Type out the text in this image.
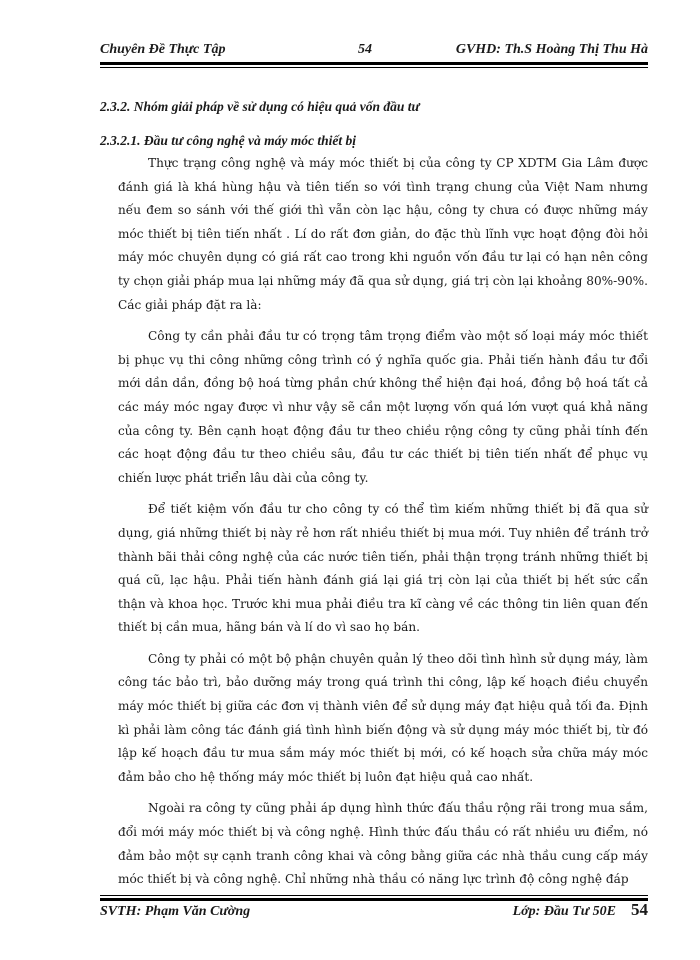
Chuyên Đề Thực Tập	54	GVHD: Th.S Hoàng Thị Thu Hà
2.3.2. Nhóm giải pháp về sử dụng có hiệu quả vốn đầu tư
2.3.2.1. Đầu tư công nghệ và máy móc thiết bị

Thực trạng công nghệ và máy móc thiết bị của công ty CP XDTM Gia Lâm được đánh giá là khá hùng hậu và tiên tiến so với tình trạng chung của Việt Nam nhưng nếu đem so sánh với thế giới thì vẫn còn lạc hậu, công ty chưa có được những máy móc thiết bị tiên tiến nhất . Lí do rất đơn giản, do đặc thù lĩnh vực hoạt động đòi hỏi máy móc chuyên dụng có giá rất cao trong khi nguồn vốn đầu tư lại có hạn nên công ty chọn giải pháp mua lại những máy đã qua sử dụng, giá trị còn lại khoảng 80%-90%. Các giải pháp đặt ra là:

Công ty cần phải đầu tư có trọng tâm trọng điểm vào một số loại máy móc thiết bị phục vụ thi công những công trình có ý nghĩa quốc gia. Phải tiến hành đầu tư đổi mới dần dần, đồng bộ hoá từng phần chứ không thể hiện đại hoá, đồng bộ hoá tất cả các máy móc ngay được vì như vậy sẽ cần một lượng vốn quá lớn vượt quá khả năng của công ty. Bên cạnh hoạt động đầu tư theo chiều rộng công ty cũng phải tính đến các hoạt động đầu tư theo chiều sâu, đầu tư các thiết bị tiên tiến nhất để phục vụ chiến lược phát triển lâu dài của công ty.

Để tiết kiệm vốn đầu tư cho công ty có thể tìm kiếm những thiết bị đã qua sử dụng, giá những thiết bị này rẻ hơn rất nhiều thiết bị mua mới. Tuy nhiên để tránh trở thành bãi thải công nghệ của các nước tiên tiến, phải thận trọng tránh những thiết bị quá cũ, lạc hậu. Phải tiến hành đánh giá lại giá trị còn lại của thiết bị hết sức cẩn thận và khoa học. Trước khi mua phải điều tra kĩ càng về các thông tin liên quan đến thiết bị cần mua, hãng bán và lí do vì sao họ bán.

Công ty phải có một bộ phận chuyên quản lý theo dõi tình hình sử dụng máy, làm công tác bảo trì, bảo dưỡng máy trong quá trình thi công, lập kế hoạch điều chuyển máy móc thiết bị giữa các đơn vị thành viên để sử dụng máy đạt hiệu quả tối đa. Định kì phải làm công tác đánh giá tình hình biến động và sử dụng máy móc thiết bị, từ đó lập kế hoạch đầu tư mua sắm máy móc thiết bị mới, có kế hoạch sửa chữa máy móc đảm bảo cho hệ thống máy móc thiết bị luôn đạt hiệu quả cao nhất.

Ngoài ra công ty cũng phải áp dụng hình thức đấu thầu rộng rãi trong mua sắm, đổi mới máy móc thiết bị và công nghệ. Hình thức đấu thầu có rất nhiều ưu điểm, nó đảm bảo một sự cạnh tranh công khai và công bằng giữa các nhà thầu cung cấp máy móc thiết bị và công nghệ. Chỉ những nhà thầu có năng lực trình độ công nghệ đáp

SVTH: Phạm Văn Cường	Lớp: Đầu Tư 50E 54
